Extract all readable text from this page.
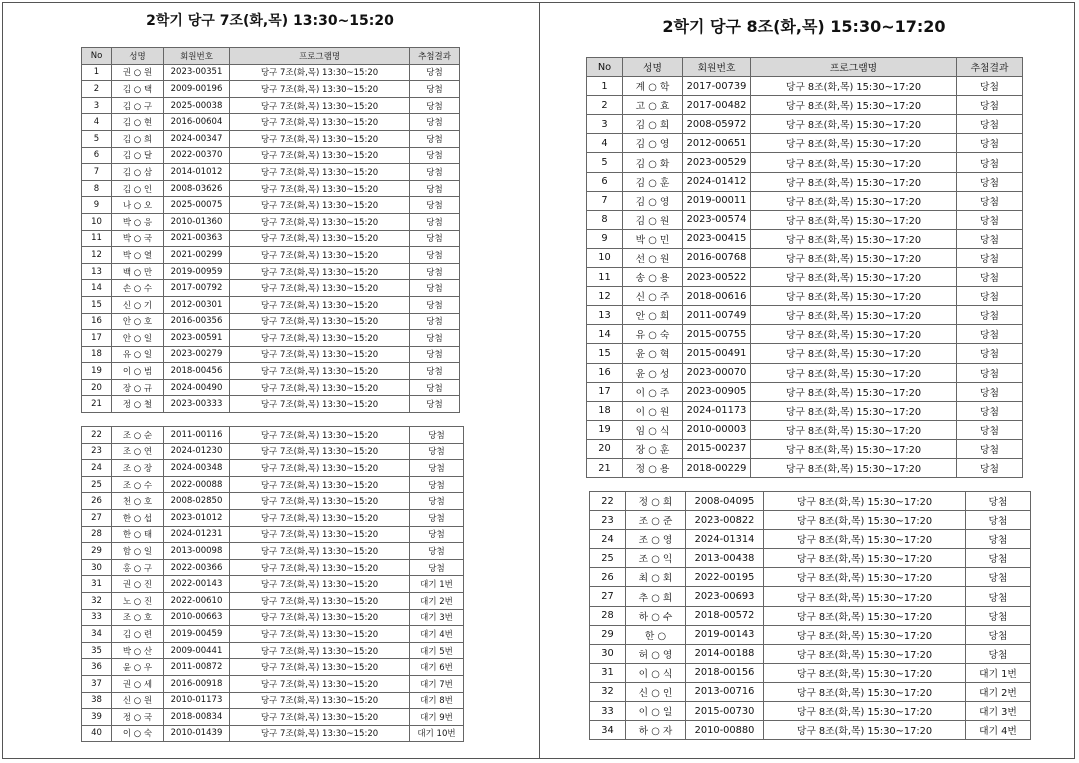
2학기 당구 7조(화,목) 13:30~15:20	2학기 당구 8조(화,목) 15:30~17:20
No	성명	회원번호	프로그램명	추첨결과
1	권 ○ 원	2023-00351	당구 7조(화,목) 13:30~15:20	당첨
2	김 ○ 택	2009-00196	당구 7조(화,목) 13:30~15:20	당첨
3	김 ○ 구	2025-00038	당구 7조(화,목) 13:30~15:20	당첨
4	김 ○ 현	2016-00604	당구 7조(화,목) 13:30~15:20	당첨
5	김 ○ 희	2024-00347	당구 7조(화,목) 13:30~15:20	당첨
6	김 ○ 달	2022-00370	당구 7조(화,목) 13:30~15:20	당첨
7	김 ○ 삼	2014-01012	당구 7조(화,목) 13:30~15:20	당첨
8	김 ○ 인	2008-03626	당구 7조(화,목) 13:30~15:20	당첨
9	나 ○ 오	2025-00075	당구 7조(화,목) 13:30~15:20	당첨
10	박 ○ 응	2010-01360	당구 7조(화,목) 13:30~15:20	당첨
11	박 ○ 국	2021-00363	당구 7조(화,목) 13:30~15:20	당첨
12	박 ○ 열	2021-00299	당구 7조(화,목) 13:30~15:20	당첨
13	백 ○ 만	2019-00959	당구 7조(화,목) 13:30~15:20	당첨
14	손 ○ 수	2017-00792	당구 7조(화,목) 13:30~15:20	당첨
15	신 ○ 기	2012-00301	당구 7조(화,목) 13:30~15:20	당첨
16	안 ○ 호	2016-00356	당구 7조(화,목) 13:30~15:20	당첨
17	안 ○ 일	2023-00591	당구 7조(화,목) 13:30~15:20	당첨
18	유 ○ 일	2023-00279	당구 7조(화,목) 13:30~15:20	당첨
19	이 ○ 범	2018-00456	당구 7조(화,목) 13:30~15:20	당첨
20	장 ○ 규	2024-00490	당구 7조(화,목) 13:30~15:20	당첨
21	정 ○ 철	2023-00333	당구 7조(화,목) 13:30~15:20	당첨
22	조 ○ 순	2011-00116	당구 7조(화,목) 13:30~15:20	당첨
23	조 ○ 연	2024-01230	당구 7조(화,목) 13:30~15:20	당첨
24	조 ○ 장	2024-00348	당구 7조(화,목) 13:30~15:20	당첨
25	조 ○ 수	2022-00088	당구 7조(화,목) 13:30~15:20	당첨
26	천 ○ 호	2008-02850	당구 7조(화,목) 13:30~15:20	당첨
27	한 ○ 섭	2023-01012	당구 7조(화,목) 13:30~15:20	당첨
28	한 ○ 태	2024-01231	당구 7조(화,목) 13:30~15:20	당첨
29	함 ○ 일	2013-00098	당구 7조(화,목) 13:30~15:20	당첨
30	홍 ○ 구	2022-00366	당구 7조(화,목) 13:30~15:20	당첨
31	권 ○ 진	2022-00143	당구 7조(화,목) 13:30~15:20	대기 1번
32	노 ○ 진	2022-00610	당구 7조(화,목) 13:30~15:20	대기 2번
33	조 ○ 호	2010-00663	당구 7조(화,목) 13:30~15:20	대기 3번
34	김 ○ 련	2019-00459	당구 7조(화,목) 13:30~15:20	대기 4번
35	박 ○ 산	2009-00441	당구 7조(화,목) 13:30~15:20	대기 5번
36	윤 ○ 우	2011-00872	당구 7조(화,목) 13:30~15:20	대기 6번
37	권 ○ 세	2016-00918	당구 7조(화,목) 13:30~15:20	대기 7번
38	신 ○ 원	2010-01173	당구 7조(화,목) 13:30~15:20	대기 8번
39	정 ○ 국	2018-00834	당구 7조(화,목) 13:30~15:20	대기 9번
40	이 ○ 숙	2010-01439	당구 7조(화,목) 13:30~15:20	대기 10번
No	성명	회원번호	프로그램명	추첨결과
1	계 ○ 학	2017-00739	당구 8조(화,목) 15:30~17:20	당첨
2	고 ○ 효	2017-00482	당구 8조(화,목) 15:30~17:20	당첨
3	김 ○ 희	2008-05972	당구 8조(화,목) 15:30~17:20	당첨
4	김 ○ 영	2012-00651	당구 8조(화,목) 15:30~17:20	당첨
5	김 ○ 화	2023-00529	당구 8조(화,목) 15:30~17:20	당첨
6	김 ○ 훈	2024-01412	당구 8조(화,목) 15:30~17:20	당첨
7	김 ○ 영	2019-00011	당구 8조(화,목) 15:30~17:20	당첨
8	김 ○ 원	2023-00574	당구 8조(화,목) 15:30~17:20	당첨
9	박 ○ 민	2023-00415	당구 8조(화,목) 15:30~17:20	당첨
10	선 ○ 원	2016-00768	당구 8조(화,목) 15:30~17:20	당첨
11	송 ○ 용	2023-00522	당구 8조(화,목) 15:30~17:20	당첨
12	신 ○ 주	2018-00616	당구 8조(화,목) 15:30~17:20	당첨
13	안 ○ 희	2011-00749	당구 8조(화,목) 15:30~17:20	당첨
14	유 ○ 숙	2015-00755	당구 8조(화,목) 15:30~17:20	당첨
15	윤 ○ 혁	2015-00491	당구 8조(화,목) 15:30~17:20	당첨
16	윤 ○ 성	2023-00070	당구 8조(화,목) 15:30~17:20	당첨
17	이 ○ 주	2023-00905	당구 8조(화,목) 15:30~17:20	당첨
18	이 ○ 원	2024-01173	당구 8조(화,목) 15:30~17:20	당첨
19	임 ○ 식	2010-00003	당구 8조(화,목) 15:30~17:20	당첨
20	장 ○ 훈	2015-00237	당구 8조(화,목) 15:30~17:20	당첨
21	정 ○ 용	2018-00229	당구 8조(화,목) 15:30~17:20	당첨
22	정 ○ 희	2008-04095	당구 8조(화,목) 15:30~17:20	당첨
23	조 ○ 준	2023-00822	당구 8조(화,목) 15:30~17:20	당첨
24	조 ○ 영	2024-01314	당구 8조(화,목) 15:30~17:20	당첨
25	조 ○ 익	2013-00438	당구 8조(화,목) 15:30~17:20	당첨
26	최 ○ 회	2022-00195	당구 8조(화,목) 15:30~17:20	당첨
27	추 ○ 희	2023-00693	당구 8조(화,목) 15:30~17:20	당첨
28	하 ○ 수	2018-00572	당구 8조(화,목) 15:30~17:20	당첨
29	한 ○	2019-00143	당구 8조(화,목) 15:30~17:20	당첨
30	허 ○ 영	2014-00188	당구 8조(화,목) 15:30~17:20	당첨
31	이 ○ 식	2018-00156	당구 8조(화,목) 15:30~17:20	대기 1번
32	신 ○ 인	2013-00716	당구 8조(화,목) 15:30~17:20	대기 2번
33	이 ○ 일	2015-00730	당구 8조(화,목) 15:30~17:20	대기 3번
34	하 ○ 자	2010-00880	당구 8조(화,목) 15:30~17:20	대기 4번
